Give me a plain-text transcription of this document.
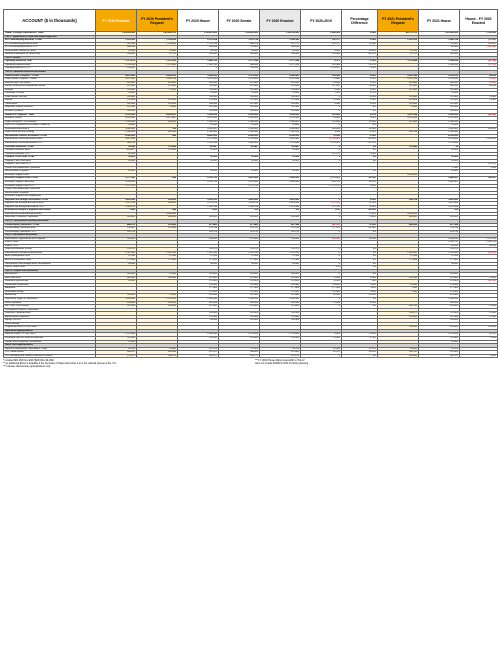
ACCOUNT ($ in thousands)	FY 2019 Enacted	FY 2020 President's Request	FY 2020 House	FY 2020 Senate	FY 2020 Enacted	FY 2020-2019	Percentage Difference	FY 2021 President's Request	FY 2021 House	House - FY 2020 Enacted
State, Foreign Operations Total	$ 54,299,000	$ 42,856,512	$ 56,401,000	$ 54,800,000	$ 54,798,000	$ 499,000	0.92%	44,712,722	$ 65,540,000	1,100,000
Title I—Department of State and Related Agencies										
Int'l Peacekeeping Activities TOTAL	1,551,000	1,136,000	2,123,414	1,679,758	1,526,383	(24,617)	-1.59%	1,076,235	1,456,314	(70,069)
Int'l Peacekeeping Activities Base	982,344	1,136,000	1,128,766	888,153	937,727	(44,617)	-4.56%		795,000	163,287
Int'l Peacekeeping Activities OCO	568,656		994,648	791,605	588,656				756,964	(543,666)
United States Institute of Peace	39,094	19,000	38,654	46,000	46,000	6,906	16.40%	15,740	45,000	
National Endowment for Democracy	180,000	67,275	300,000	385,000	300,000	120,000	66.67%	67,275	300,000	
Title II—USAID										
Operating Expenses Total	1,372,875	1,275,000	1,464,750	1,377,246	1,377,246	4,371	0.32%	1,311,288	1,364,626	(12,720)
Operating Expenses Base	1,214,658	1,275,000	1,464,750	896,846	1,377,246	162,488	13.37%		1,364,626	(12,720)
Operating Expenses OCO	158,067		0	730,650		(158,067)	-100%			
Title III—Bilateral Economic Assistance										
Global Health Programs - TOTAL	8,837,463	6,243,475	9,286,000	9,111,000	9,092,463	255,000	2.89%	5,967,990	9,156,975	64,522
Global Health Programs - USAID	3,117,463	2,059,198	3,315,000	3,220,000	3,192,463	75,000	2.41%	2,150,196	3,190,000	(2,463)
Maternal and Child Health	835,000	619,600	850,000	847,000	851,000	16,000	1.92%	659,800	850,000	(1,000)
Family Planning and Reproductive Health	575,000	237,000	750,000	575,000	524,665	(51,335)	-8.93%	237,000	585,475	60,810
Nutrition	145,000	78,500	145,000	150,000	150,000	5,000	3.44%	237,000	150,000	
Vulnerable Children	24,000		24,000	25,000	25,000	1,000	4.17%		25,000	
Global Health Security	100,000		100,000	100,000	100,000	0	0.00%	115,000	125,000	25,000
Malaria	755,000	674,000	755,000	770,000	770,000	15,000	1.99%	674,000	795,000	25,000
Tuberculosis	302,000	261,000	330,000	310,000	310,000	8,000	2.65%	261,000	310,000	
Neglected Tropical Diseases	102,500	75,000	102,500	102,500	102,500	0	0%	75,000	102,500	
HIV/AIDS (USAID)	330,000		330,000	330,000	330,000	0	0%		330,000	
Global HIV Programs - State	5,720,000	4,200,007	5,900,000	5,930,000	5,930,000	210,000	3.67%	3,907,598	5,900,000	(30,000)
HIV/AIDS (State)	4,325,000	3,971,007	4,325,000	4,390,000	4,370,000	45,000	1.04%	3,135,595	4,370,000	
Global Fund AIDS, TB & Malaria	1,350,000	658,400	1,560,000	1,560,000	1,560,000	210,000	15.56%	557,500	1,560,000	
Joint U.N. Programme on HIV/AIDS (UNAIDS)	45,000		45,000	45,000	45,000	0	0%		45,000	
Development Assistance	3,000,000	N/A	4,164,967	3,000,000	3,400,000	400,000	13.33%		3,800,000	400,000
Global Food Security Strategy	1,000,000	462,000	1,000,000	1,000,000	1,005,000	5,000	0.50%	926,100	1,005,000	
International Disaster Assistance TOTAL	4,385,000	N/A	4,400,000	4,385,000	4,395,000	10,000	0.23%		4,395,000	
International Disaster Assistance Base	3,821,594		2,779,500	1,705,000	2,861,900	(1,729,892)	-45.65%		4,395,000	1,533,100
International Disaster Assistance OCO	564,019		1,620,500	2,680,000	1,755,880	1,191,861	211.31%		1,755,880	
Transition Initiatives TOTAL	92,043	112,043	92,043*	92,043*	92,043*	0	0%	112,043	92	
Transition Initiatives Base	30,000**	112,043	92,043		92,043	0	0%		92,043	
Transition Initiatives OCO	62,043					(62,043)	-100%			
Complex Crisis Fund TOTAL	30,000		30,000	30,000	30,000	0	0%		30,000	
Complex Crisis Fund Base	30,000		30,000	30,000	30,000	0	0%		30,000	
Complex Crisis Fund OCO										(30,000)
Conflict and Stabilization Operations									2,500	2,500
Reconciliation Programs	30,000		30,000	30,000	30,000	0	0%		30,000	
Economic Support Fund								5,929,500		
Economic Support Fund TOTAL	3,717,841	N/A	2,143,750	2,476,600	3,045,000	(672,841)	-18.10%		2,846,907	598,657
Economic Support Fund Base	2,545,826		2,143,750	2,476,600	3,045,000	499,174	19.61%		2,846,907	
Economic Support Fund OCO	1,172,015			1,172,015		(1,172,015)	-100%			
Conflict and Stabilization Operations										
Reconciliation Programs										
Economic Support Fund Supplement										
Migration and Refugee Assistance TOTAL	3,432,000	365,662	3,000,000	3,432,000	3,432,000	0	0.00%	266,214	3,432,000	
Migration and Refugee Assistance Base	2,327,678	365,662	2,131,879	2,081,878	1,813,843	(117,231)	-6.70%		1,813,843	
Migration and Refugee Assistance OCO	1,404,122		1,400,148	1,400,148	1,521,368	117,231	8.35%		1,521,368	
Emergency Refugee & Migration Assistance	1,000	N/A	1,000	100	100	(900)	-90.00%		100	
International Humanitarian Assistance		5,965,000				0	0.00%	5,965,000		
Millennium Challenge Corporation	905,000	800,000	905,000	905,000	905,000	0	0.00%	800,000	905,000	
Title IV—International Security Assistance										
Peacekeeping Operations TOTAL	488,075	291,450	471,483	471,483	457,348	(30,727)	-6.30%	280,000	457,348	
Peacekeeping Operations Base	155,487	291,450	191,139	145,137	133,135	(22,352)	-14.38%		133,135	
Peacekeeping Operations OCO	325,213		325,213	325,213	325,213	0	0%		325,213	
Title V—Multilateral Assistance										
International Organizations and Programs	339,000		340,000	373,000	339,000	(30,000)	-8.00%		1,606,492	1,197,592
IDA/IFC Base									1,405,742	1,405,742
IDA/IFC OCO									95,245	95,245
Global Environment Facility	139,575		139,575	139,575	139,575	0	0%		139,575	
International Development Association	1,097,010	1,097,010	1,097,010	1,097,010	1,097,010	0	0%	1,001,400	1,001,400	(95,610)
Asian Development Fund	47,395	47,395	47,395	47,395	47,395	0	0%	47,395	47,395	
African Development Fund	171,300	171,300	171,300	171,300	171,300	0	0%	171,300	171,300	
International Fund for Agricultural Development	30,000		30,000	30,000	30,000	0	0%		30,000	
Green Climate Fund						0.00	0%			
Title VI—Export and Investment										
Microfinance	265,000	70,540	265,000	265,000	265,000	0	0%		265,000	
Basic Education	800,000	296,400	875,000	875,000	875,000	75,000	9.38%	301,240	875,000	70,000
multilateral partnerships	90,000		125,000	110,000	125,000	35,000	39%		125,000	(20,000)
Sustainable Landscapes			135,000	135,000	135,000	135,000	100%	47,000	135,000	
Adaptation			177,000	177,000	177,000	177,000	100%	7,500	177,000	
Renewable Energy			179,000	179,000	179,000	179,000	100%	7,500	179,000	
Biodiversity	285,000	75,000	290,000	314,300	315,000	30,000	10.53%		315,000	
Democracy, Rights & Governance	2,400,000	1,215,500	2,400,000	2,400,000	2,400,000	0	0%		2,400,000	
Water Sanitation	435,000	164,200	450,000	450,000	450,000	15,000	3.44%		450,000	
Sec. 7060, 7045 Gender	315,000	333,000	315,000	315,000	315,000	0	0%	626,700	395,000	15,000
Development Finance Corporation										
Corporate Capital Account			199,000	250,000	150,000			533,877	311,000	12,000
Administrative Expenses			151,000	120,000	120,000			120,000	137,000	12,000
Equity (142135)			50,000	150,000	150,000				150,000	
Credit Subsidy										
Program Account (142135) loans								700,000	150,000	150,000
Agriculture Appropriations										
Food for Peace, P.L. 480 Title II	1,716,000		1,850,000	1,715,000	1,725,000	9,000	0.52%		1,716,000	(9,000)
McGovern-Dole Int'l Food for Education	210,000		220,000	210,000	220,000	10,000	4.76%		225,000	5,000
USDA Local & Regional Procurement	15,000								35,000	
Labor, HHS Appropriations										
Bureau of International Labor Affairs—ILAB	95,128	18,000	132,126	87,625	95,128	10,000	11.51%	18,000	95,126	
CDC Global Health	488,621	485,684	513,621	596,643	575,843	82,222	16.83%	500,332	575,843	
CDC Emerging and Zoonotic Infectious Diseases	575,672	509,272	582,672	583,272	575,672	0	0%	565,664	582,672	6,000
* Includes $81,000 from ESF ($23,000+ $1,000)
** an additional $10m is available if the Secretary of State determines it is in the national interest of the U.S.
*** Includes discretionary appropriations only
*** FY 2020 House Mark moves ESF to Title IV
does not include $100M in ESF for family planning
